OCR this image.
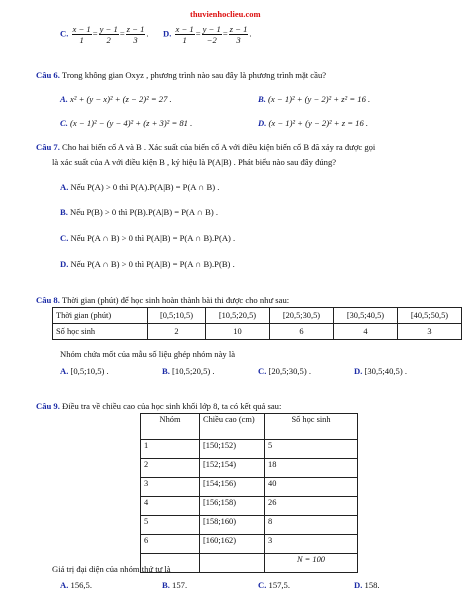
thuvienhoclieu.com
C. $\frac{x - 1}{1} = \frac{y - 1}{2} = \frac{z - 1}{3}$ . D. $\frac{x - 1}{1} = \frac{y - 1}{-2} = \frac{z - 1}{3}$ .
Câu 6. Trong không gian Oxyz , phương trình nào sau đây là phương trình mặt cầu?
A. x² + (y − x)² + (z − 2)² = 27 .	B. (x − 1)² + (y − 2)² + z² = 16 .
C. (x − 1)² − (y − 4)² + (z + 3)² = 81 .	D. (x − 1)² + (y − 2)² + z = 16 .
Câu 7. Cho hai biến cố A và B . Xác suất của biến cố A với điều kiện biến cố B đã xảy ra được gọi
là xác suất của A với điều kiện B , ký hiệu là P(A|B) . Phát biểu nào sau đây đúng?
A. Nếu P(A) > 0 thì P(A).P(A|B) = P(A ∩ B) .
B. Nếu P(B) > 0 thì P(B).P(A|B) = P(A ∩ B) .
C. Nếu P(A ∩ B) > 0 thì P(A|B) = P(A ∩ B).P(A) .
D. Nếu P(A ∩ B) > 0 thì P(A|B) = P(A ∩ B).P(B) .
Câu 8. Thời gian (phút) để học sinh hoàn thành bài thi được cho như sau:
Thời gian (phút)	[0,5;10,5)	[10,5;20,5)	[20,5;30,5)	[30,5;40,5)	[40,5;50,5)
Số học sinh	2	10	6	4	3
Nhóm chứa mốt của mẫu số liệu ghép nhóm này là
A. [0,5;10,5) .	B. [10,5;20,5) .	C. [20,5;30,5) .	D. [30,5;40,5) .
Câu 9. Điều tra về chiều cao của học sinh khối lớp 8, ta có kết quả sau:
Nhóm	Chiều cao (cm)	Số học sinh
1	[150;152)	5
2	[152;154)	18
3	[154;156)	40
4	[156;158)	26
5	[158;160)	8
6	[160;162)	3
		N = 100
Giá trị đại diện của nhóm thứ tư là
A. 156,5.	B. 157.	C. 157,5.	D. 158.
